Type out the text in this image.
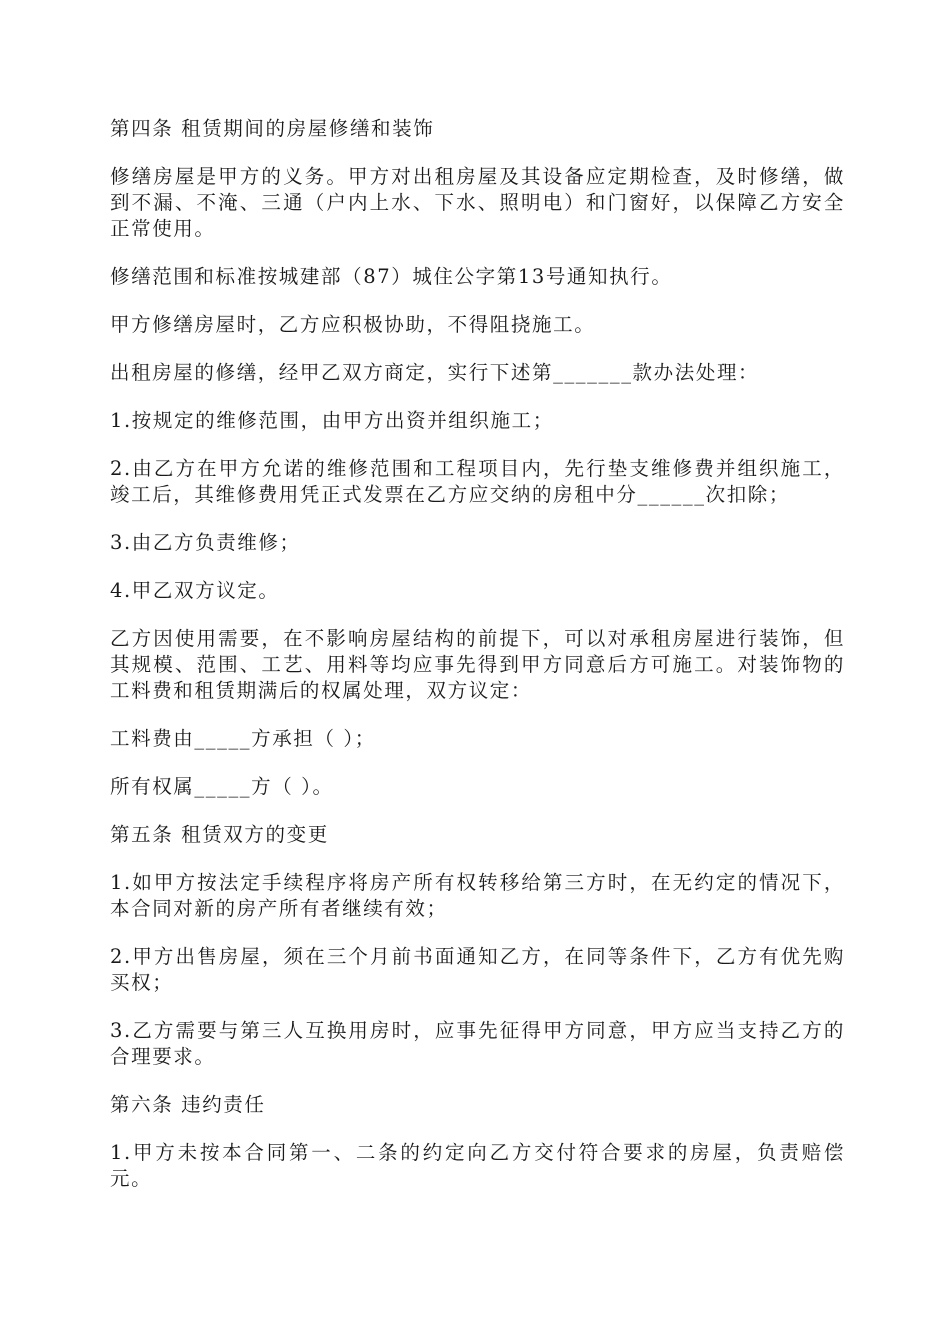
第四条 租赁期间的房屋修缮和装饰

修缮房屋是甲方的义务。甲方对出租房屋及其设备应定期检查，及时修缮，做到不漏、不淹、三通（户内上水、下水、照明电）和门窗好，以保障乙方安全正常使用。

修缮范围和标准按城建部（87）城住公字第13号通知执行。

甲方修缮房屋时，乙方应积极协助，不得阻挠施工。

出租房屋的修缮，经甲乙双方商定，实行下述第_______款办法处理：

1.按规定的维修范围，由甲方出资并组织施工；

2.由乙方在甲方允诺的维修范围和工程项目内，先行垫支维修费并组织施工，竣工后，其维修费用凭正式发票在乙方应交纳的房租中分______次扣除；

3.由乙方负责维修；

4.甲乙双方议定。

乙方因使用需要，在不影响房屋结构的前提下，可以对承租房屋进行装饰，但其规模、范围、工艺、用料等均应事先得到甲方同意后方可施工。对装饰物的工料费和租赁期满后的权属处理，双方议定：

工料费由_____方承担（ ）；

所有权属_____方（ ）。

第五条 租赁双方的变更

1.如甲方按法定手续程序将房产所有权转移给第三方时，在无约定的情况下，本合同对新的房产所有者继续有效；

2.甲方出售房屋，须在三个月前书面通知乙方，在同等条件下，乙方有优先购买权；

3.乙方需要与第三人互换用房时，应事先征得甲方同意，甲方应当支持乙方的合理要求。

第六条 违约责任

1.甲方未按本合同第一、二条的约定向乙方交付符合要求的房屋，负责赔偿元。
